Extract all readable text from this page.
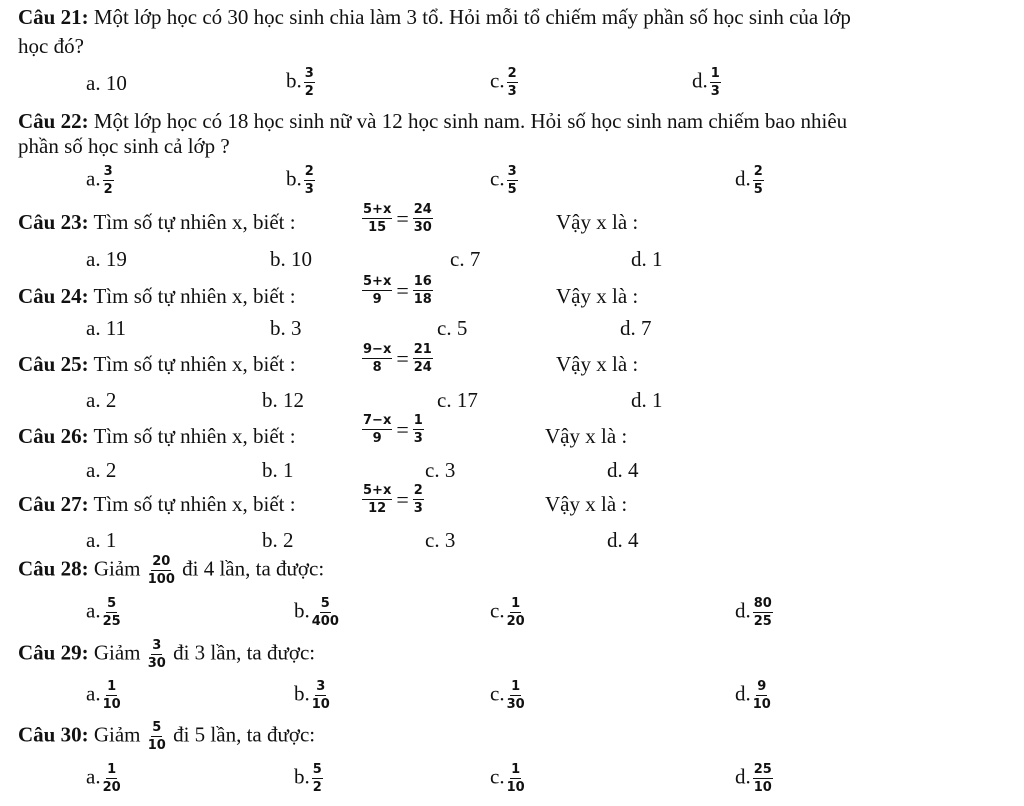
Câu 21: Một lớp học có 30 học sinh chia làm 3 tổ. Hỏi mỗi tổ chiếm mấy phần số học sinh của lớp
học đó?
a. 10	b. $\frac{3}{2}$	c. $\frac{2}{3}$	d. $\frac{1}{3}$
Câu 22: Một lớp học có 18 học sinh nữ và 12 học sinh nam. Hỏi số học sinh nam chiếm bao nhiêu
phần số học sinh cả lớp ?
a. $\frac{3}{2}$	b. $\frac{2}{3}$	c. $\frac{3}{5}$	d. $\frac{2}{5}$
Câu 23: Tìm số tự nhiên x, biết :	$\frac{5+x}{15} = \frac{24}{30}$	Vậy x là :
a. 19	b. 10	c. 7	d. 1
Câu 24: Tìm số tự nhiên x, biết :	$\frac{5+x}{9} = \frac{16}{18}$	Vậy x là :
a. 11	b. 3	c. 5	d. 7
Câu 25: Tìm số tự nhiên x, biết :	$\frac{9-x}{8} = \frac{21}{24}$	Vậy x là :
a. 2	b. 12	c. 17	d. 1
Câu 26: Tìm số tự nhiên x, biết :	$\frac{7-x}{9} = \frac{1}{3}$	Vậy x là :
a. 2	b. 1	c. 3	d. 4
Câu 27: Tìm số tự nhiên x, biết :	$\frac{5+x}{12} = \frac{2}{3}$	Vậy x là :
a. 1	b. 2	c. 3	d. 4
Câu 28: Giảm $\frac{20}{100}$ đi 4 lần, ta được:
a. $\frac{5}{25}$	b. $\frac{5}{400}$	c. $\frac{1}{20}$	d. $\frac{80}{25}$
Câu 29: Giảm $\frac{3}{30}$ đi 3 lần, ta được:
a. $\frac{1}{10}$	b. $\frac{3}{10}$	c. $\frac{1}{30}$	d. $\frac{9}{10}$
Câu 30: Giảm $\frac{5}{10}$ đi 5 lần, ta được:
a. $\frac{1}{20}$	b. $\frac{5}{2}$	c. $\frac{1}{10}$	d. $\frac{25}{10}$
